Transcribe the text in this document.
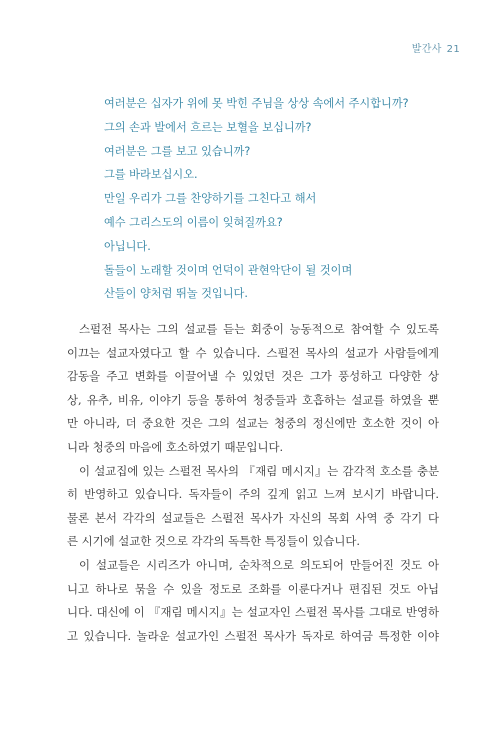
발간사 21
여러분은 십자가 위에 못 박힌 주님을 상상 속에서 주시합니까?
그의 손과 발에서 흐르는 보혈을 보십니까?
여러분은 그를 보고 있습니까?
그를 바라보십시오.
만일 우리가 그를 찬양하기를 그친다고 해서
예수 그리스도의 이름이 잊혀질까요?
아닙니다.
돌들이 노래할 것이며 언덕이 관현악단이 될 것이며
산들이 양처럼 뛰놀 것입니다.
스펄전 목사는 그의 설교를 듣는 회중이 능동적으로 참여할 수 있도록
이끄는 설교자였다고 할 수 있습니다. 스펄전 목사의 설교가 사람들에게
감동을 주고 변화를 이끌어낼 수 있었던 것은 그가 풍성하고 다양한 상
상, 유추, 비유, 이야기 등을 통하여 청중들과 호흡하는 설교를 하였을 뿐
만 아니라, 더 중요한 것은 그의 설교는 청중의 정신에만 호소한 것이 아
니라 청중의 마음에 호소하였기 때문입니다.
이 설교집에 있는 스펄전 목사의 『재림 메시지』는 감각적 호소를 충분
히 반영하고 있습니다. 독자들이 주의 깊게 읽고 느껴 보시기 바랍니다.
물론 본서 각각의 설교들은 스펄전 목사가 자신의 목회 사역 중 각기 다
른 시기에 설교한 것으로 각각의 독특한 특징들이 있습니다.
이 설교들은 시리즈가 아니며, 순차적으로 의도되어 만들어진 것도 아
니고 하나로 묶을 수 있을 정도로 조화를 이룬다거나 편집된 것도 아닙
니다. 대신에 이 『재림 메시지』는 설교자인 스펄전 목사를 그대로 반영하
고 있습니다. 놀라운 설교가인 스펄전 목사가 독자로 하여금 특정한 이야
